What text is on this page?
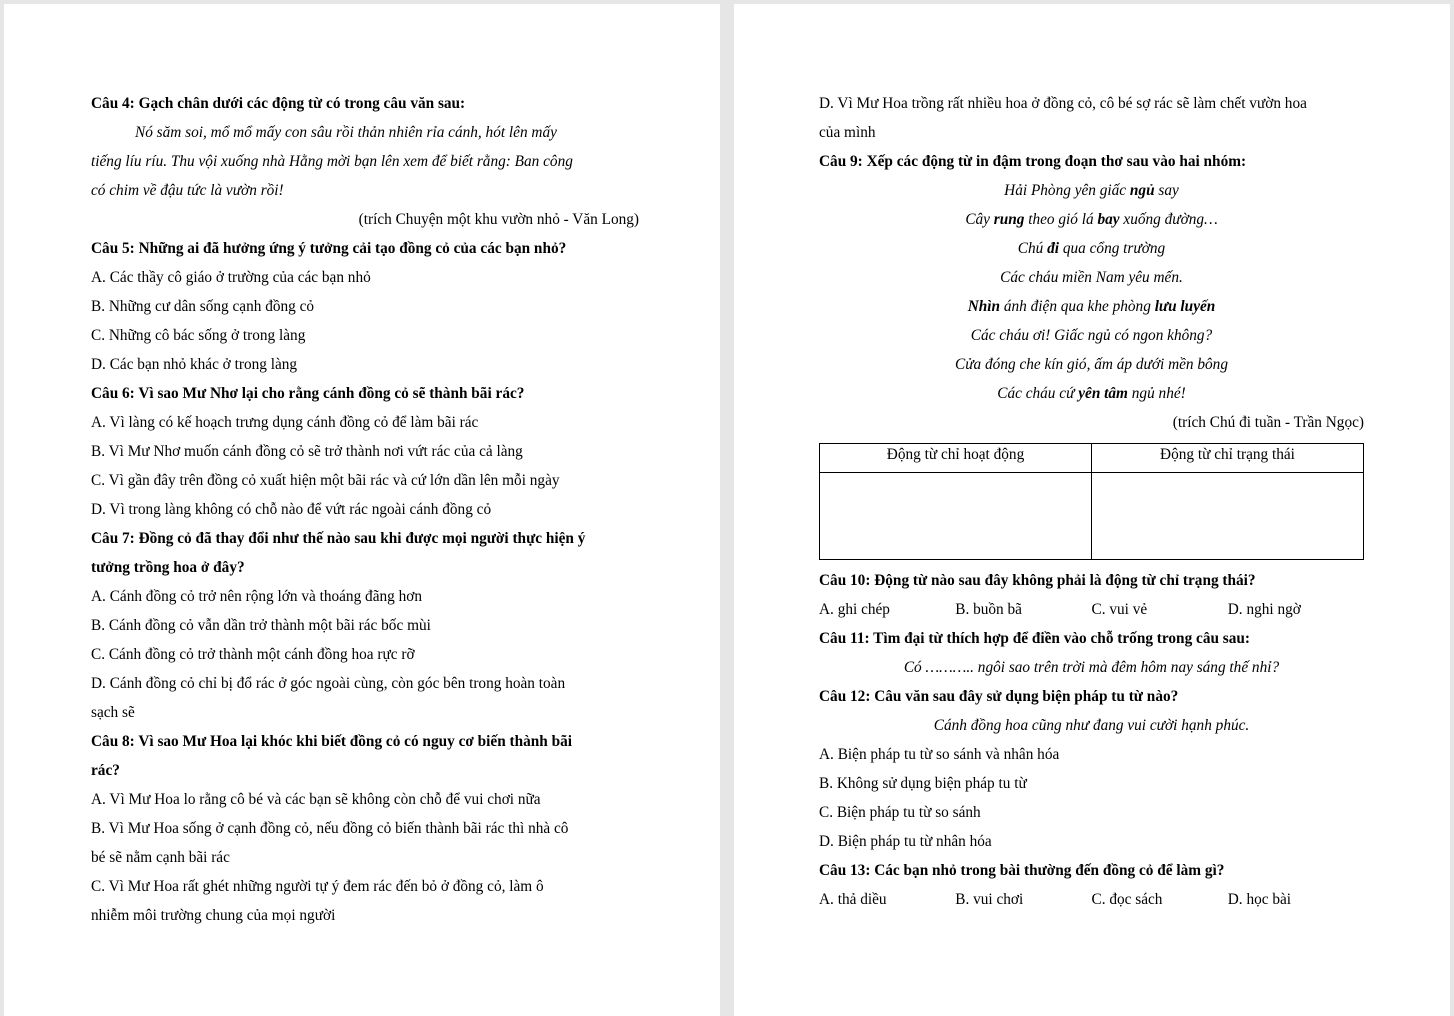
Câu 4: Gạch chân dưới các động từ có trong câu văn sau:

Nó săm soi, mổ mổ mấy con sâu rồi thản nhiên rỉa cánh, hót lên mấy

tiếng líu ríu. Thu vội xuống nhà Hằng mời bạn lên xem để biết rằng: Ban công

có chim về đậu tức là vườn rồi!

(trích Chuyện một khu vườn nhỏ - Văn Long)

Câu 5: Những ai đã hưởng ứng ý tưởng cải tạo đồng cỏ của các bạn nhỏ?

A. Các thầy cô giáo ở trường của các bạn nhỏ

B. Những cư dân sống cạnh đồng cỏ

C. Những cô bác sống ở trong làng

D. Các bạn nhỏ khác ở trong làng

Câu 6: Vì sao Mư Nhơ lại cho rằng cánh đồng cỏ sẽ thành bãi rác?

A. Vì làng có kế hoạch trưng dụng cánh đồng cỏ để làm bãi rác

B. Vì Mư Nhơ muốn cánh đồng cỏ sẽ trở thành nơi vứt rác của cả làng

C. Vì gần đây trên đồng cỏ xuất hiện một bãi rác và cứ lớn dần lên mỗi ngày

D. Vì trong làng không có chỗ nào để vứt rác ngoài cánh đồng cỏ

Câu 7: Đồng cỏ đã thay đổi như thế nào sau khi được mọi người thực hiện ý

tưởng trồng hoa ở đây?

A. Cánh đồng cỏ trở nên rộng lớn và thoáng đãng hơn

B. Cánh đồng cỏ vẫn dần trở thành một bãi rác bốc mùi

C. Cánh đồng cỏ trở thành một cánh đồng hoa rực rỡ

D. Cánh đồng cỏ chỉ bị đổ rác ở góc ngoài cùng, còn góc bên trong hoàn toàn

sạch sẽ

Câu 8: Vì sao Mư Hoa lại khóc khi biết đồng cỏ có nguy cơ biến thành bãi

rác?

A. Vì Mư Hoa lo rằng cô bé và các bạn sẽ không còn chỗ để vui chơi nữa

B. Vì Mư Hoa sống ở cạnh đồng cỏ, nếu đồng cỏ biến thành bãi rác thì nhà cô

bé sẽ nằm cạnh bãi rác

C. Vì Mư Hoa rất ghét những người tự ý đem rác đến bỏ ở đồng cỏ, làm ô

nhiễm môi trường chung của mọi người

D. Vì Mư Hoa trồng rất nhiều hoa ở đồng cỏ, cô bé sợ rác sẽ làm chết vườn hoa

của mình

Câu 9: Xếp các động từ in đậm trong đoạn thơ sau vào hai nhóm:

Hải Phòng yên giấc ngủ say

Cây rung theo gió lá bay xuống đường…

Chú đi qua cổng trường

Các cháu miền Nam yêu mến.

Nhìn ánh điện qua khe phòng lưu luyến

Các cháu ơi! Giấc ngủ có ngon không?

Cửa đóng che kín gió, ấm áp dưới mền bông

Các cháu cứ yên tâm ngủ nhé!

(trích Chú đi tuần - Trần Ngọc)

Động từ chỉ hoạt động	Động từ chỉ trạng thái

Câu 10: Động từ nào sau đây không phải là động từ chỉ trạng thái?

A. ghi chép	B. buồn bã	C. vui vẻ	D. nghi ngờ

Câu 11: Tìm đại từ thích hợp để điền vào chỗ trống trong câu sau:

Có ……….. ngôi sao trên trời mà đêm hôm nay sáng thế nhỉ?

Câu 12: Câu văn sau đây sử dụng biện pháp tu từ nào?

Cánh đồng hoa cũng như đang vui cười hạnh phúc.

A. Biện pháp tu từ so sánh và nhân hóa

B. Không sử dụng biện pháp tu từ

C. Biện pháp tu từ so sánh

D. Biện pháp tu từ nhân hóa

Câu 13: Các bạn nhỏ trong bài thường đến đồng cỏ để làm gì?

A. thả diều	B. vui chơi	C. đọc sách	D. học bài
